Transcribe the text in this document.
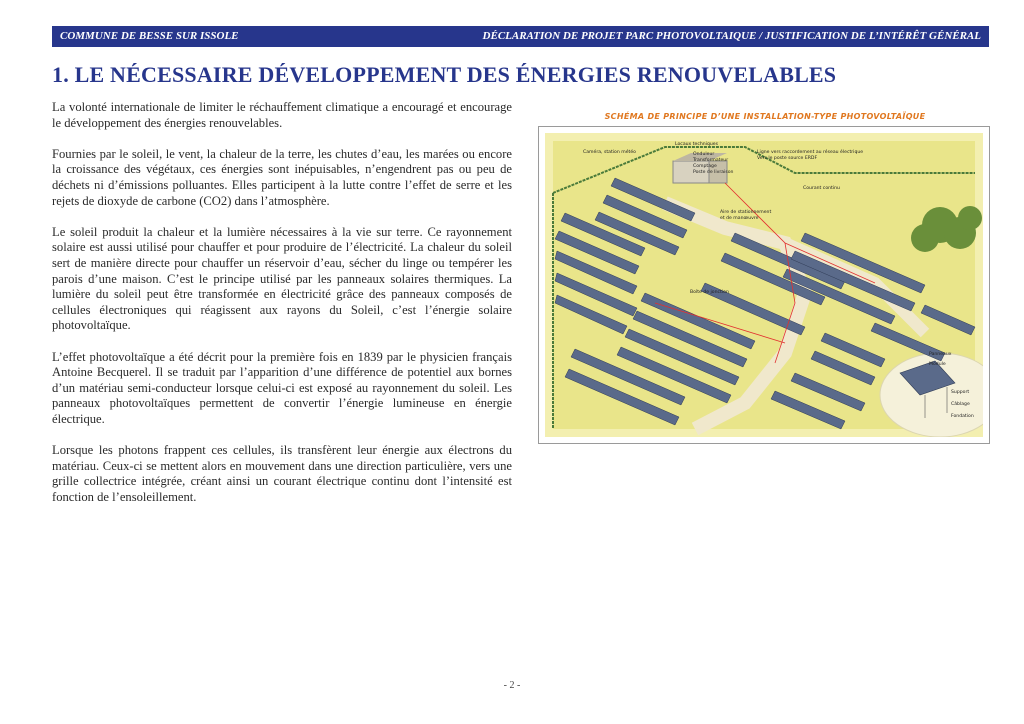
COMMUNE DE BESSE SUR ISSOLE	DÉCLARATION DE PROJET PARC PHOTOVOLTAIQUE / JUSTIFICATION DE L’INTÉRÊT GÉNÉRAL
1. LE NÉCESSAIRE DÉVELOPPEMENT DES ÉNERGIES RENOUVELABLES

La volonté internationale de limiter le réchauffement climatique a encouragé et encourage le développement des énergies renouvelables.

Fournies par le soleil, le vent, la chaleur de la terre, les chutes d’eau, les marées ou encore la croissance des végétaux, ces énergies sont inépuisables, n’engendrent pas ou peu de déchets ni d’émissions polluantes. Elles participent à la lutte contre l’effet de serre et les rejets de dioxyde de carbone (CO2) dans l’atmosphère.

Le soleil produit la chaleur et la lumière nécessaires à la vie sur terre. Ce rayonnement solaire est aussi utilisé pour chauffer et pour produire de l’électricité. La chaleur du soleil sert de manière directe pour chauffer un réservoir d’eau, sécher du linge ou tempérer les parois d’une maison. C’est le principe utilisé par les panneaux solaires thermiques. La lumière du soleil peut être transformée en électricité grâce des panneaux composés de cellules électroniques qui réagissent aux rayons du Soleil, c’est l’énergie solaire photovoltaïque.

L’effet photovoltaïque a été décrit pour la première fois en 1839 par le physicien français Antoine Becquerel. Il se traduit par l’apparition d’une différence de potentiel aux bornes d’un matériau semi-conducteur lorsque celui-ci est exposé au rayonnement du soleil. Les panneaux photovoltaïques permettent de convertir l’énergie lumineuse en énergie électrique.

Lorsque les photons frappent ces cellules, ils transfèrent leur énergie aux électrons du matériau. Ceux-ci se mettent alors en mouvement dans une direction particulière, vers une grille collectrice intégrée, créant ainsi un courant électrique continu dont l’intensité est fonction de l’ensoleillement.

SCHÉMA DE PRINCIPE D’UNE INSTALLATION-TYPE PHOTOVOLTAÏQUE
Caméra, station météo
Locaux techniques
Onduleur
Transformateur
Comptage
Poste de livraison
Ligne vers raccordement au réseau électrique
Vers le poste source ERDF
Courant continu
Aire de stationnement
et de manœuvre
Boîte de jonction
Panneaux
Module
Support
Câblage
Fondation
- 2 -
